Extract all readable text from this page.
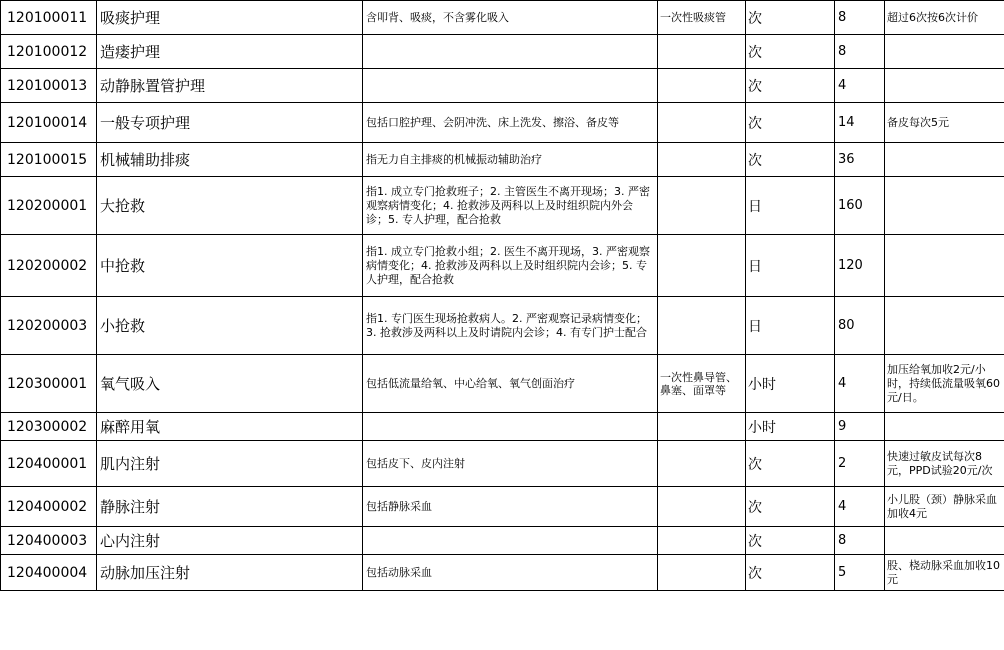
120100011	吸痰护理	含叩背、吸痰，不含雾化吸入	一次性吸痰管	次	8	超过6次按6次计价
120100012	造瘘护理			次	8	
120100013	动静脉置管护理			次	4	
120100014	一般专项护理	包括口腔护理、会阴冲洗、床上洗发、擦浴、备皮等		次	14	备皮每次5元
120100015	机械辅助排痰	指无力自主排痰的机械振动辅助治疗		次	36	
120200001	大抢救	指1. 成立专门抢救班子；2. 主管医生不离开现场；3. 严密观察病情变化；4. 抢救涉及两科以上及时组织院内外会诊；5. 专人护理，配合抢救		日	160	
120200002	中抢救	指1. 成立专门抢救小组；2. 医生不离开现场，3. 严密观察病情变化；4. 抢救涉及两科以上及时组织院内会诊；5. 专人护理，配合抢救		日	120	
120200003	小抢救	指1. 专门医生现场抢救病人。2. 严密观察记录病情变化；3. 抢救涉及两科以上及时请院内会诊；4. 有专门护士配合		日	80	
120300001	氧气吸入	包括低流量给氧、中心给氧、氧气创面治疗	一次性鼻导管、鼻塞、面罩等	小时	4	加压给氧加收2元/小时，持续低流量吸氧60元/日。
120300002	麻醉用氧			小时	9	
120400001	肌内注射	包括皮下、皮内注射		次	2	快速过敏皮试每次8元，PPD试验20元/次
120400002	静脉注射	包括静脉采血		次	4	小儿股（颈）静脉采血加收4元
120400003	心内注射			次	8	
120400004	动脉加压注射	包括动脉采血		次	5	股、桡动脉采血加收10 元
